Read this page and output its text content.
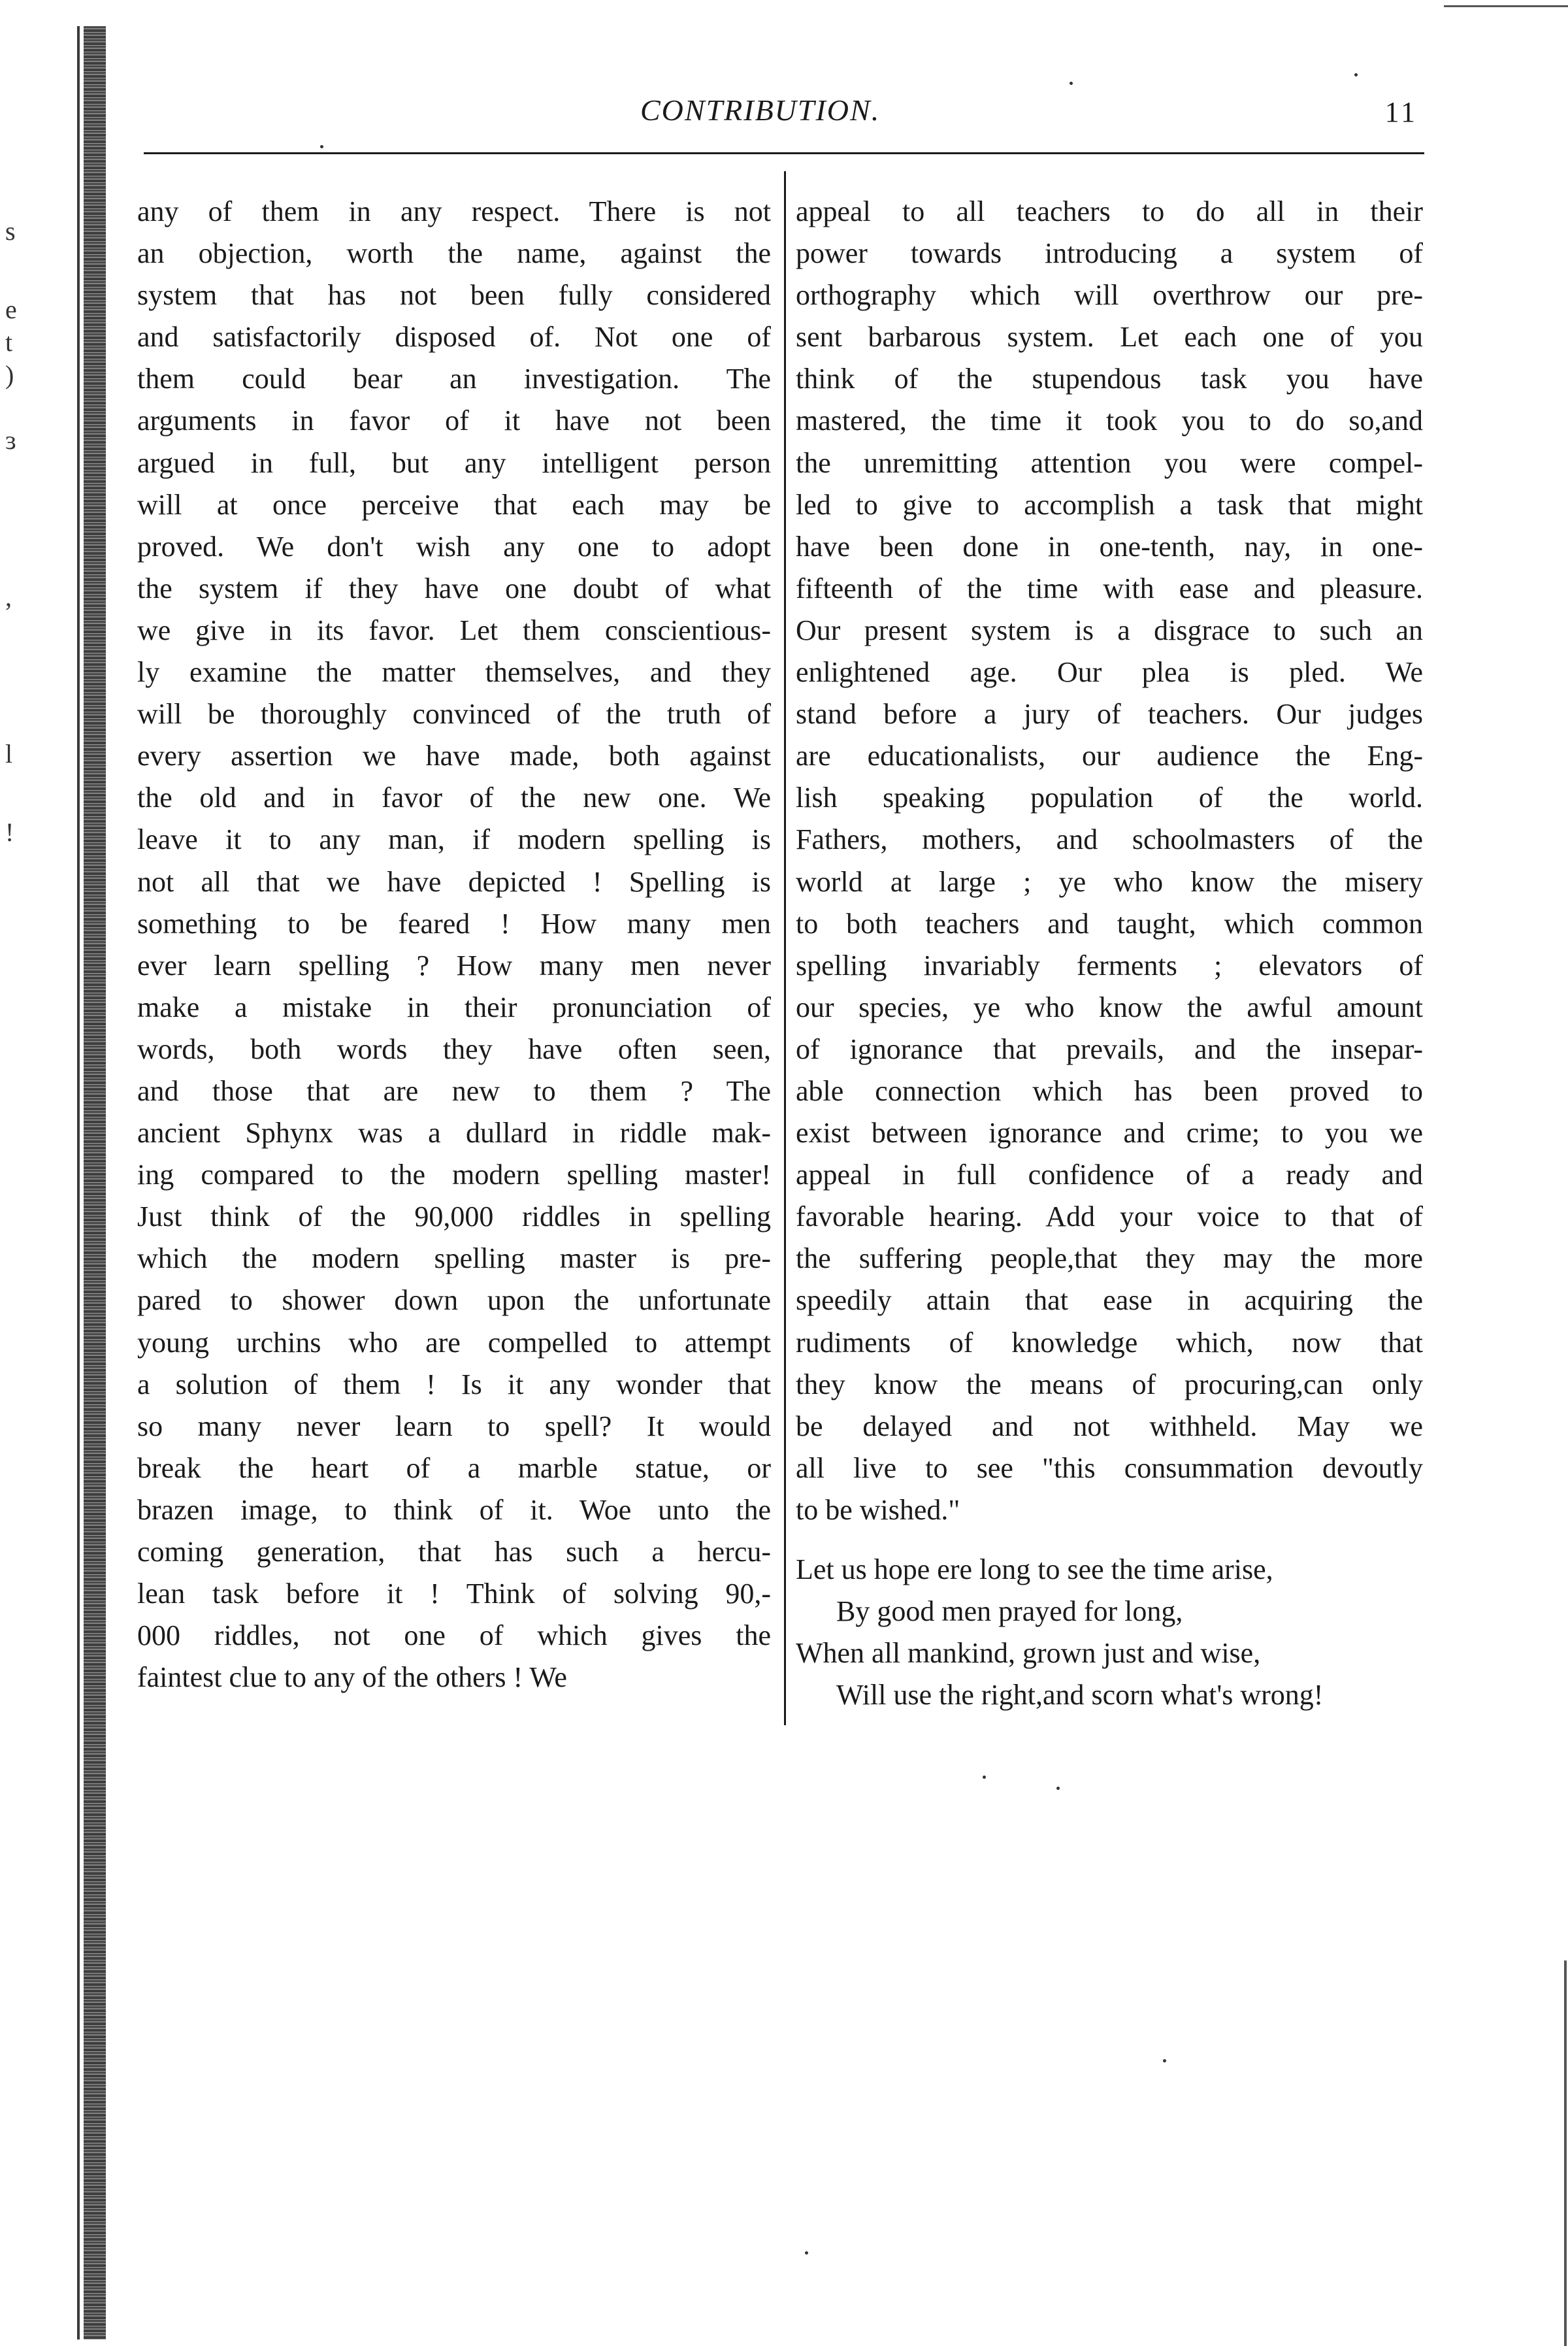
s
e
t
)
ɜ
,
l
!
CONTRIBUTION.	11
any of them in any respect. There is not
an objection, worth the name, against the
system that has not been fully considered
and satisfactorily disposed of. Not one of
them could bear an investigation. The
arguments in favor of it have not been
argued in full, but any intelligent person
will at once perceive that each may be
proved. We don't wish any one to adopt
the system if they have one doubt of what
we give in its favor. Let them conscientious-
ly examine the matter themselves, and they
will be thoroughly convinced of the truth of
every assertion we have made, both against
the old and in favor of the new one. We
leave it to any man, if modern spelling is
not all that we have depicted ! Spelling is
something to be feared ! How many men
ever learn spelling ? How many men never
make a mistake in their pronunciation of
words, both words they have often seen,
and those that are new to them ? The
ancient Sphynx was a dullard in riddle mak-
ing compared to the modern spelling master!
Just think of the 90,000 riddles in spelling
which the modern spelling master is pre-
pared to shower down upon the unfortunate
young urchins who are compelled to attempt
a solution of them ! Is it any wonder that
so many never learn to spell? It would
break the heart of a marble statue, or
brazen image, to think of it. Woe unto the
coming generation, that has such a hercu-
lean task before it ! Think of solving 90,-
000 riddles, not one of which gives the
faintest clue to any of the others ! We
appeal to all teachers to do all in their
power towards introducing a system of
orthography which will overthrow our pre-
sent barbarous system. Let each one of you
think of the stupendous task you have
mastered, the time it took you to do so,and
the unremitting attention you were compel-
led to give to accomplish a task that might
have been done in one-tenth, nay, in one-
fifteenth of the time with ease and pleasure.
Our present system is a disgrace to such an
enlightened age. Our plea is pled. We
stand before a jury of teachers. Our judges
are educationalists, our audience the Eng-
lish speaking population of the world.
Fathers, mothers, and schoolmasters of the
world at large ; ye who know the misery
to both teachers and taught, which common
spelling invariably ferments ; elevators of
our species, ye who know the awful amount
of ignorance that prevails, and the insepar-
able connection which has been proved to
exist between ignorance and crime; to you we
appeal in full confidence of a ready and
favorable hearing. Add your voice to that of
the suffering people,that they may the more
speedily attain that ease in acquiring the
rudiments of knowledge which, now that
they know the means of procuring,can only
be delayed and not withheld. May we
all live to see "this consummation devoutly
to be wished."
Let us hope ere long to see the time arise,
By good men prayed for long,
When all mankind, grown just and wise,
Will use the right,and scorn what's wrong!
